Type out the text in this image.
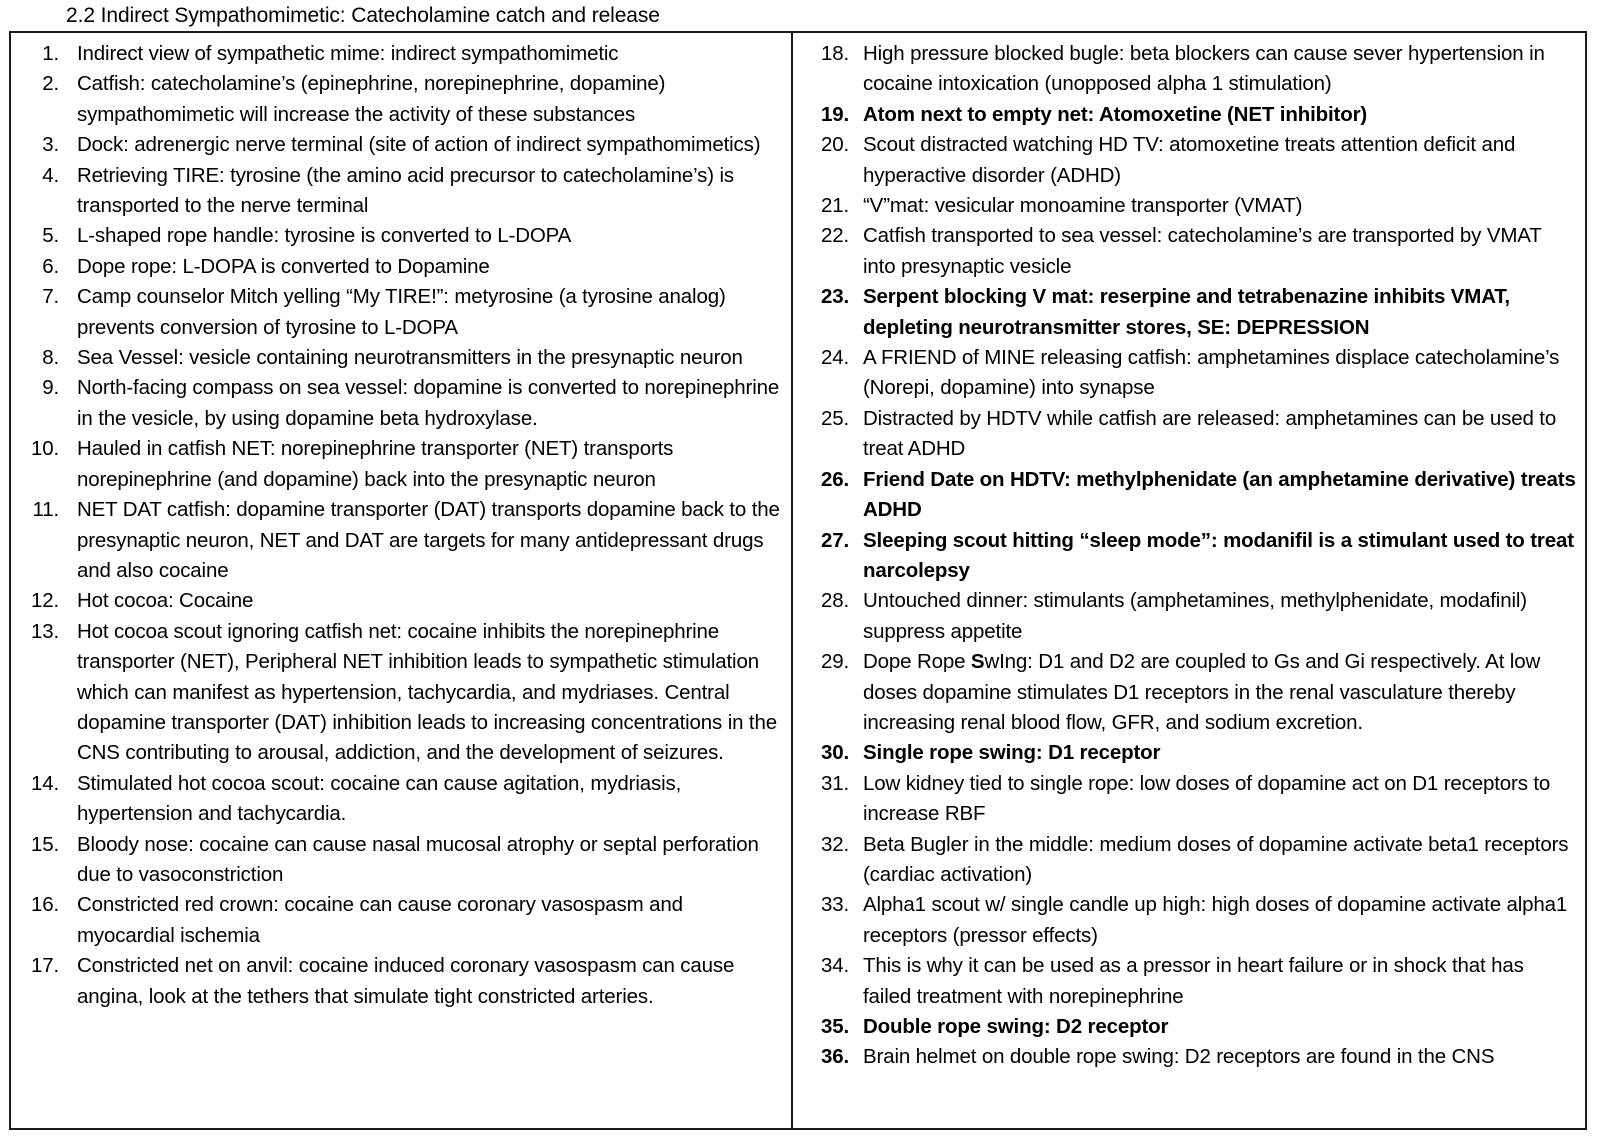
2.2 Indirect Sympathomimetic: Catecholamine catch and release
1. Indirect view of sympathetic mime: indirect sympathomimetic
2. Catfish: catecholamine’s (epinephrine, norepinephrine, dopamine) sympathomimetic will increase the activity of these substances
3. Dock: adrenergic nerve terminal (site of action of indirect sympathomimetics)
4. Retrieving TIRE: tyrosine (the amino acid precursor to catecholamine’s) is transported to the nerve terminal
5. L-shaped rope handle: tyrosine is converted to L-DOPA
6. Dope rope: L-DOPA is converted to Dopamine
7. Camp counselor Mitch yelling “My TIRE!”: metyrosine (a tyrosine analog) prevents conversion of tyrosine to L-DOPA
8. Sea Vessel: vesicle containing neurotransmitters in the presynaptic neuron
9. North-facing compass on sea vessel: dopamine is converted to norepinephrine in the vesicle, by using dopamine beta hydroxylase.
10. Hauled in catfish NET: norepinephrine transporter (NET) transports norepinephrine (and dopamine) back into the presynaptic neuron
11. NET DAT catfish: dopamine transporter (DAT) transports dopamine back to the presynaptic neuron, NET and DAT are targets for many antidepressant drugs and also cocaine
12. Hot cocoa: Cocaine
13. Hot cocoa scout ignoring catfish net: cocaine inhibits the norepinephrine transporter (NET), Peripheral NET inhibition leads to sympathetic stimulation which can manifest as hypertension, tachycardia, and mydriases. Central dopamine transporter (DAT) inhibition leads to increasing concentrations in the CNS contributing to arousal, addiction, and the development of seizures.
14. Stimulated hot cocoa scout: cocaine can cause agitation, mydriasis, hypertension and tachycardia.
15. Bloody nose: cocaine can cause nasal mucosal atrophy or septal perforation due to vasoconstriction
16. Constricted red crown: cocaine can cause coronary vasospasm and myocardial ischemia
17. Constricted net on anvil: cocaine induced coronary vasospasm can cause angina, look at the tethers that simulate tight constricted arteries.
18. High pressure blocked bugle: beta blockers can cause sever hypertension in cocaine intoxication (unopposed alpha 1 stimulation)
19. Atom next to empty net: Atomoxetine (NET inhibitor)
20. Scout distracted watching HD TV: atomoxetine treats attention deficit and hyperactive disorder (ADHD)
21. “V”mat: vesicular monoamine transporter (VMAT)
22. Catfish transported to sea vessel: catecholamine’s are transported by VMAT into presynaptic vesicle
23. Serpent blocking V mat: reserpine and tetrabenazine inhibits VMAT, depleting neurotransmitter stores, SE: DEPRESSION
24. A FRIEND of MINE releasing catfish: amphetamines displace catecholamine’s (Norepi, dopamine) into synapse
25. Distracted by HDTV while catfish are released: amphetamines can be used to treat ADHD
26. Friend Date on HDTV: methylphenidate (an amphetamine derivative) treats ADHD
27. Sleeping scout hitting “sleep mode”: modanifil is a stimulant used to treat narcolepsy
28. Untouched dinner: stimulants (amphetamines, methylphenidate, modafinil) suppress appetite
29. Dope Rope SwIng: D1 and D2 are coupled to Gs and Gi respectively. At low doses dopamine stimulates D1 receptors in the renal vasculature thereby increasing renal blood flow, GFR, and sodium excretion.
30. Single rope swing: D1 receptor
31. Low kidney tied to single rope: low doses of dopamine act on D1 receptors to increase RBF
32. Beta Bugler in the middle: medium doses of dopamine activate beta1 receptors (cardiac activation)
33. Alpha1 scout w/ single candle up high: high doses of dopamine activate alpha1 receptors (pressor effects)
34. This is why it can be used as a pressor in heart failure or in shock that has failed treatment with norepinephrine
35. Double rope swing: D2 receptor
36. Brain helmet on double rope swing: D2 receptors are found in the CNS
